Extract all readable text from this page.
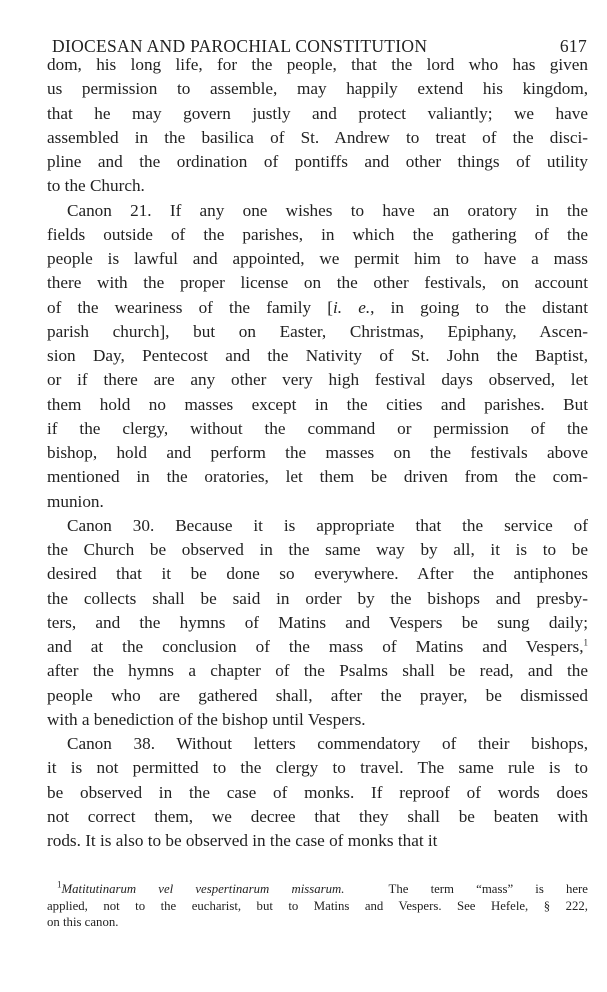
DIOCESAN AND PAROCHIAL CONSTITUTION	617
dom, his long life, for the people, that the lord who has given
us permission to assemble, may happily extend his kingdom,
that he may govern justly and protect valiantly; we have
assembled in the basilica of St. Andrew to treat of the disci-
pline and the ordination of pontiffs and other things of utility
to the Church.
Canon 21. If any one wishes to have an oratory in the
fields outside of the parishes, in which the gathering of the
people is lawful and appointed, we permit him to have a mass
there with the proper license on the other festivals, on account
of the weariness of the family [i. e., in going to the distant
parish church], but on Easter, Christmas, Epiphany, Ascen-
sion Day, Pentecost and the Nativity of St. John the Baptist,
or if there are any other very high festival days observed, let
them hold no masses except in the cities and parishes. But
if the clergy, without the command or permission of the
bishop, hold and perform the masses on the festivals above
mentioned in the oratories, let them be driven from the com-
munion.
Canon 30. Because it is appropriate that the service of
the Church be observed in the same way by all, it is to be
desired that it be done so everywhere. After the antiphones
the collects shall be said in order by the bishops and presby-
ters, and the hymns of Matins and Vespers be sung daily;
and at the conclusion of the mass of Matins and Vespers,$^1$
after the hymns a chapter of the Psalms shall be read, and the
people who are gathered shall, after the prayer, be dismissed
with a benediction of the bishop until Vespers.
Canon 38. Without letters commendatory of their bishops,
it is not permitted to the clergy to travel. The same rule is to
be observed in the case of monks. If reproof of words does
not correct them, we decree that they shall be beaten with
rods. It is also to be observed in the case of monks that it
$^1$Matitutinarum vel vespertinarum missarum.	The term “mass” is here
applied, not to the eucharist, but to Matins and Vespers. See Hefele, § 222,
on this canon.
